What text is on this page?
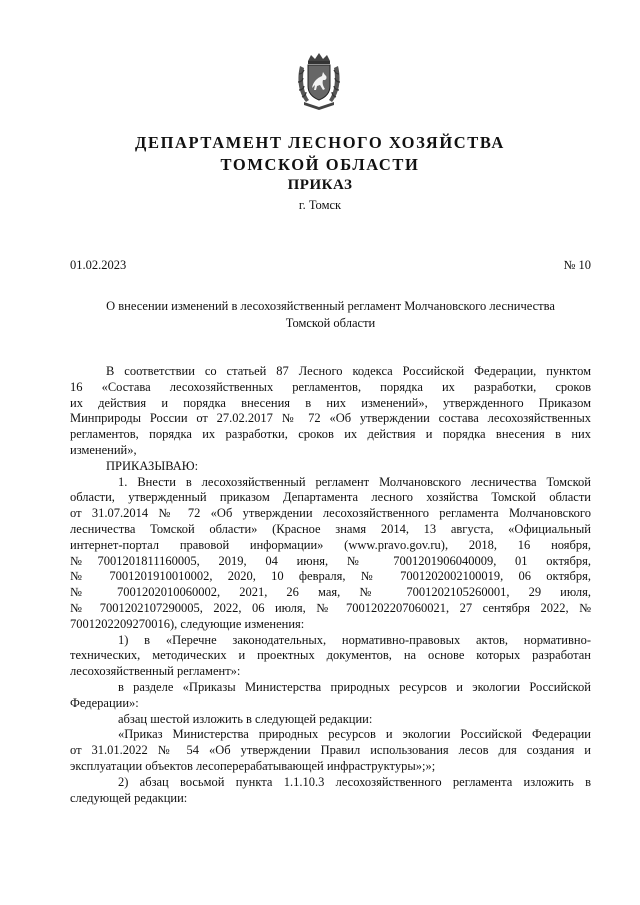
ДЕПАРТАМЕНТ ЛЕСНОГО ХОЗЯЙСТВА
ТОМСКОЙ ОБЛАСТИ
ПРИКАЗ
г. Томск
01.02.2023	№ 10
О внесении изменений в лесохозяйственный регламент Молчановского лесничества
Томской области

В соответствии со статьей 87 Лесного кодекса Российской Федерации, пунктом

16 «Состава лесохозяйственных регламентов, порядка их разработки, сроков

их действия и порядка внесения в них изменений», утвержденного Приказом

Минприроды России от 27.02.2017 № 72 «Об утверждении состава лесохозяйственных

регламентов, порядка их разработки, сроков их действия и порядка внесения в них

изменений»,

ПРИКАЗЫВАЮ:

1. Внести в лесохозяйственный регламент Молчановского лесничества Томской

области, утвержденный приказом Департамента лесного хозяйства Томской области

от 31.07.2014 № 72 «Об утверждении лесохозяйственного регламента Молчановского

лесничества Томской области» (Красное знамя 2014, 13 августа, «Официальный

интернет-портал правовой информации» (www.pravo.gov.ru), 2018, 16 ноября,

№7001201811160005, 2019, 04 июня, № 7001201906040009, 01 октября,

№ 7001201910010002, 2020, 10 февраля, № 7001202002100019, 06 октября,

№ 7001202010060002, 2021, 26 мая, № 7001202105260001, 29 июля,

№ 7001202107290005, 2022, 06 июля, № 7001202207060021, 27 сентября 2022, №

7001202209270016), следующие изменения:

1) в «Перечне законодательных, нормативно-правовых актов, нормативно-

технических, методических и проектных документов, на основе которых разработан

лесохозяйственный регламент»:

в разделе «Приказы Министерства природных ресурсов и экологии Российской

Федерации»:

абзац шестой изложить в следующей редакции:

«Приказ Министерства природных ресурсов и экологии Российской Федерации

от 31.01.2022 № 54 «Об утверждении Правил использования лесов для создания и

эксплуатации объектов лесоперерабатывающей инфраструктуры»;»;

2) абзац восьмой пункта 1.1.10.3 лесохозяйственного регламента изложить в

следующей редакции:
